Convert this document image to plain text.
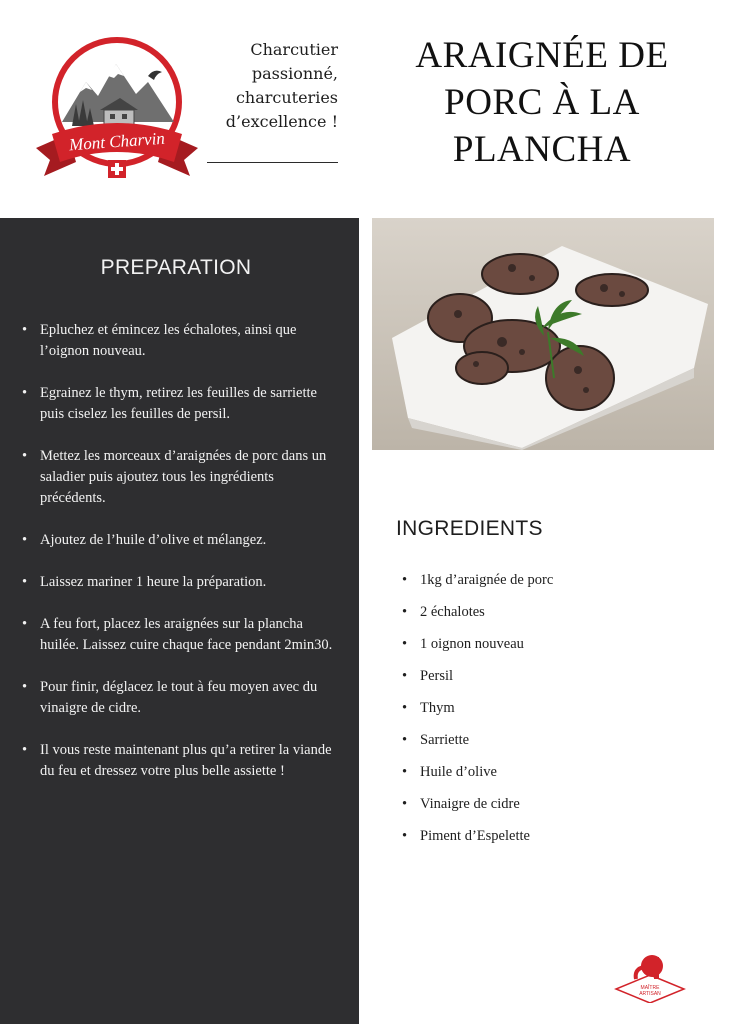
Mont Charvin
Charcutier
passionné,
charcuteries
d’excellence !
ARAIGNÉE DE
PORC À LA
PLANCHA
PREPARATION
• Epluchez et émincez les échalotes, ainsi que l’oignon nouveau.
• Egrainez le thym, retirez les feuilles de sarriette puis ciselez les feuilles de persil.
• Mettez les morceaux d’araignées de porc dans un saladier puis ajoutez tous les ingrédients précédents.
• Ajoutez de l’huile d’olive et mélangez.
• Laissez mariner 1 heure la préparation.
• A feu fort, placez les araignées sur la plancha huilée. Laissez cuire chaque face pendant 2min30.
• Pour finir, déglacez le tout à feu moyen avec du vinaigre de cidre.
• Il vous reste maintenant plus qu’a retirer la viande du feu et dressez votre plus belle assiette !
INGREDIENTS
• 1kg d’araignée de porc
• 2 échalotes
• 1 oignon nouveau
• Persil
• Thym
• Sarriette
• Huile d’olive
• Vinaigre de cidre
• Piment d’Espelette
MAÎTRE
ARTISAN
